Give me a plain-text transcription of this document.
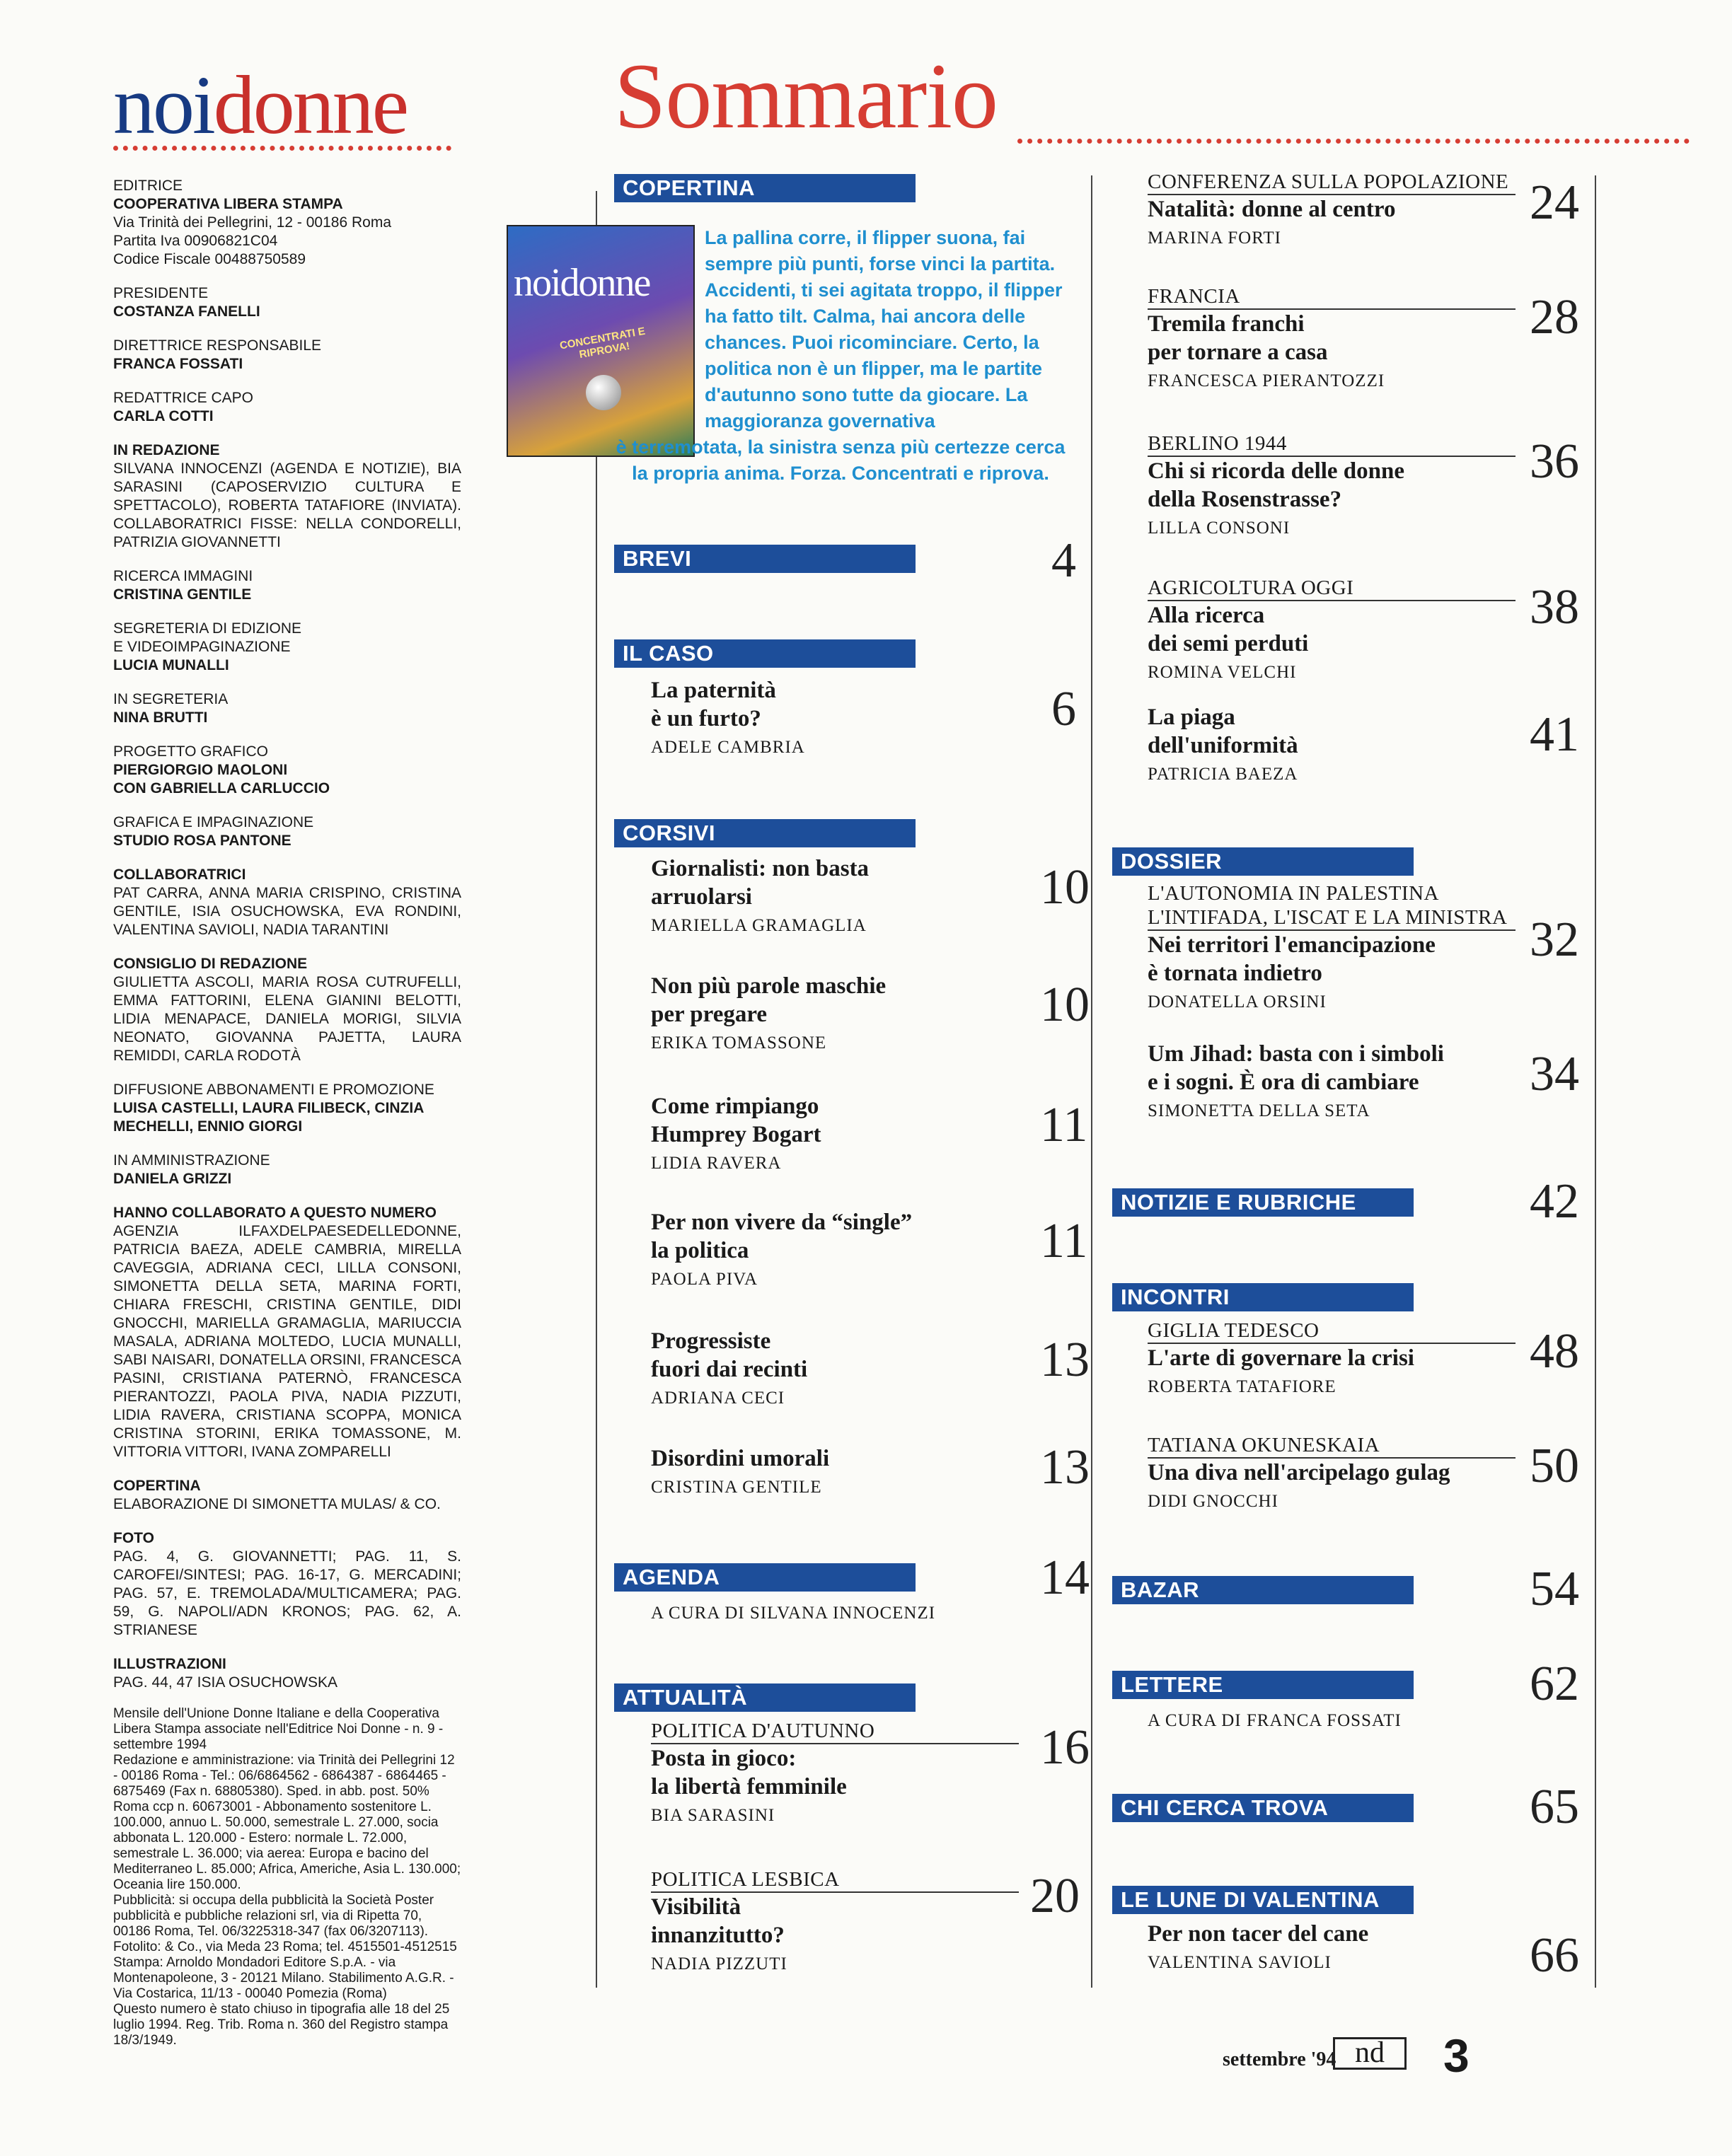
noidonne Sommario
EDITRICE
COOPERATIVA LIBERA STAMPA
Via Trinità dei Pellegrini, 12 - 00186 Roma
Partita Iva 00906821C04
Codice Fiscale 00488750589
PRESIDENTE
COSTANZA FANELLI
DIRETTRICE RESPONSABILE
FRANCA FOSSATI
REDATTRICE CAPO
CARLA COTTI
IN REDAZIONE
SILVANA INNOCENZI (AGENDA E NOTIZIE), BIA SARASINI (CAPOSERVIZIO CULTURA E SPETTACOLO), ROBERTA TATAFIORE (INVIATA). COLLABORATRICI FISSE: NELLA CONDORELLI, PATRIZIA GIOVANNETTI
RICERCA IMMAGINI
CRISTINA GENTILE
SEGRETERIA DI EDIZIONE
E VIDEOIMPAGINAZIONE
LUCIA MUNALLI
IN SEGRETERIA
NINA BRUTTI
PROGETTO GRAFICO
PIERGIORGIO MAOLONI
CON GABRIELLA CARLUCCIO
GRAFICA E IMPAGINAZIONE
STUDIO ROSA PANTONE
COLLABORATRICI
PAT CARRA, ANNA MARIA CRISPINO, CRISTINA GENTILE, ISIA OSUCHOWSKA, EVA RONDINI, VALENTINA SAVIOLI, NADIA TARANTINI
CONSIGLIO DI REDAZIONE
GIULIETTA ASCOLI, MARIA ROSA CUTRUFELLI, EMMA FATTORINI, ELENA GIANINI BELOTTI, LIDIA MENAPACE, DANIELA MORIGI, SILVIA NEONATO, GIOVANNA PAJETTA, LAURA REMIDDI, CARLA RODOTÀ
DIFFUSIONE ABBONAMENTI E PROMOZIONE
LUISA CASTELLI, LAURA FILIBECK, CINZIA MECHELLI, ENNIO GIORGI
IN AMMINISTRAZIONE
DANIELA GRIZZI
HANNO COLLABORATO A QUESTO NUMERO
AGENZIA ILFAXDELPAESEDELLEDONNE, PATRICIA BAEZA, ADELE CAMBRIA, MIRELLA CAVEGGIA, ADRIANA CECI, LILLA CONSONI, SIMONETTA DELLA SETA, MARINA FORTI, CHIARA FRESCHI, CRISTINA GENTILE, DIDI GNOCCHI, MARIELLA GRAMAGLIA, MARIUCCIA MASALA, ADRIANA MOLTEDO, LUCIA MUNALLI, SABI NAISARI, DONATELLA ORSINI, FRANCESCA PASINI, CRISTIANA PATERNÒ, FRANCESCA PIERANTOZZI, PAOLA PIVA, NADIA PIZZUTI, LIDIA RAVERA, CRISTIANA SCOPPA, MONICA CRISTINA STORINI, ERIKA TOMASSONE, M. VITTORIA VITTORI, IVANA ZOMPARELLI
COPERTINA
ELABORAZIONE DI SIMONETTA MULAS/ & CO.
FOTO
PAG. 4, G. GIOVANNETTI; PAG. 11, S. CAROFEI/SINTESI; PAG. 16-17, G. MERCADINI; PAG. 57, E. TREMOLADA/MULTICAMERA; PAG. 59, G. NAPOLI/ADN KRONOS; PAG. 62, A. STRIANESE
ILLUSTRAZIONI
PAG. 44, 47 ISIA OSUCHOWSKA
Mensile dell'Unione Donne Italiane e della Cooperativa Libera Stampa associate nell'Editrice Noi Donne - n. 9 - settembre 1994
Redazione e amministrazione: via Trinità dei Pellegrini 12 - 00186 Roma - Tel.: 06/6864562 - 6864387 - 6864465 - 6875469 (Fax n. 68805380). Sped. in abb. post. 50% Roma ccp n. 60673001 - Abbonamento sostenitore L. 100.000, annuo L. 50.000, semestrale L. 27.000, socia abbonata L. 120.000 - Estero: normale L. 72.000, semestrale L. 36.000; via aerea: Europa e bacino del Mediterraneo L. 85.000; Africa, Americhe, Asia L. 130.000; Oceania lire 150.000.
Pubblicità: si occupa della pubblicità la Società Poster pubblicità e pubbliche relazioni srl, via di Ripetta 70, 00186 Roma, Tel. 06/3225318-347 (fax 06/3207113).
Fotolito: & Co., via Meda 23 Roma; tel. 4515501-4512515
Stampa: Arnoldo Mondadori Editore S.p.A. - via Montenapoleone, 3 - 20121 Milano. Stabilimento A.G.R. - Via Costarica, 11/13 - 00040 Pomezia (Roma)
Questo numero è stato chiuso in tipografia alle 18 del 25 luglio 1994. Reg. Trib. Roma n. 360 del Registro stampa 18/3/1949.
COPERTINA
noidonne
CONCENTRATI E RIPROVA!
La pallina corre, il flipper suona, fai sempre più punti, forse vinci la partita. Accidenti, ti sei agitata troppo, il flipper ha fatto tilt. Calma, hai ancora delle chances. Puoi ricominciare. Certo, la politica non è un flipper, ma le partite d'autunno sono tutte da giocare. La maggioranza governativa
è terremotata, la sinistra senza più certezze cerca la propria anima. Forza. Concentrati e riprova.
BREVI	4
IL CASO
La paternità
è un furto?
ADELE CAMBRIA
6
CORSIVI
Giornalisti: non basta
arruolarsi
MARIELLA GRAMAGLIA
10
Non più parole maschie
per pregare
ERIKA TOMASSONE
10
Come rimpiango
Humprey Bogart
LIDIA RAVERA
11
Per non vivere da “single”
la politica
PAOLA PIVA
11
Progressiste
fuori dai recinti
ADRIANA CECI
13
Disordini umorali
CRISTINA GENTILE	13
AGENDA
A CURA DI SILVANA INNOCENZI
14
ATTUALITÀ
POLITICA D'AUTUNNO
Posta in gioco:
la libertà femminile
BIA SARASINI
16
POLITICA LESBICA
Visibilità
innanzitutto?
NADIA PIZZUTI
20
CONFERENZA SULLA POPOLAZIONE
Natalità: donne al centro
MARINA FORTI
24
FRANCIA
Tremila franchi
per tornare a casa
FRANCESCA PIERANTOZZI
28
BERLINO 1944
Chi si ricorda delle donne
della Rosenstrasse?
LILLA CONSONI
36
AGRICOLTURA OGGI
Alla ricerca
dei semi perduti
ROMINA VELCHI
38
La piaga
dell'uniformità
PATRICIA BAEZA
41
DOSSIER
L'AUTONOMIA IN PALESTINA
L'INTIFADA, L'ISCAT E LA MINISTRA
Nei territori l'emancipazione
è tornata indietro
DONATELLA ORSINI
32
Um Jihad: basta con i simboli
e i sogni. È ora di cambiare
SIMONETTA DELLA SETA
34
NOTIZIE E RUBRICHE	42
INCONTRI
GIGLIA TEDESCO
L'arte di governare la crisi
ROBERTA TATAFIORE
48
TATIANA OKUNESKAIA
Una diva nell'arcipelago gulag
DIDI GNOCCHI
50
BAZAR	54
LETTERE
A CURA DI FRANCA FOSSATI
62
CHI CERCA TROVA	65
LE LUNE DI VALENTINA
Per non tacer del cane
VALENTINA SAVIOLI	66
settembre '94 nd	3
